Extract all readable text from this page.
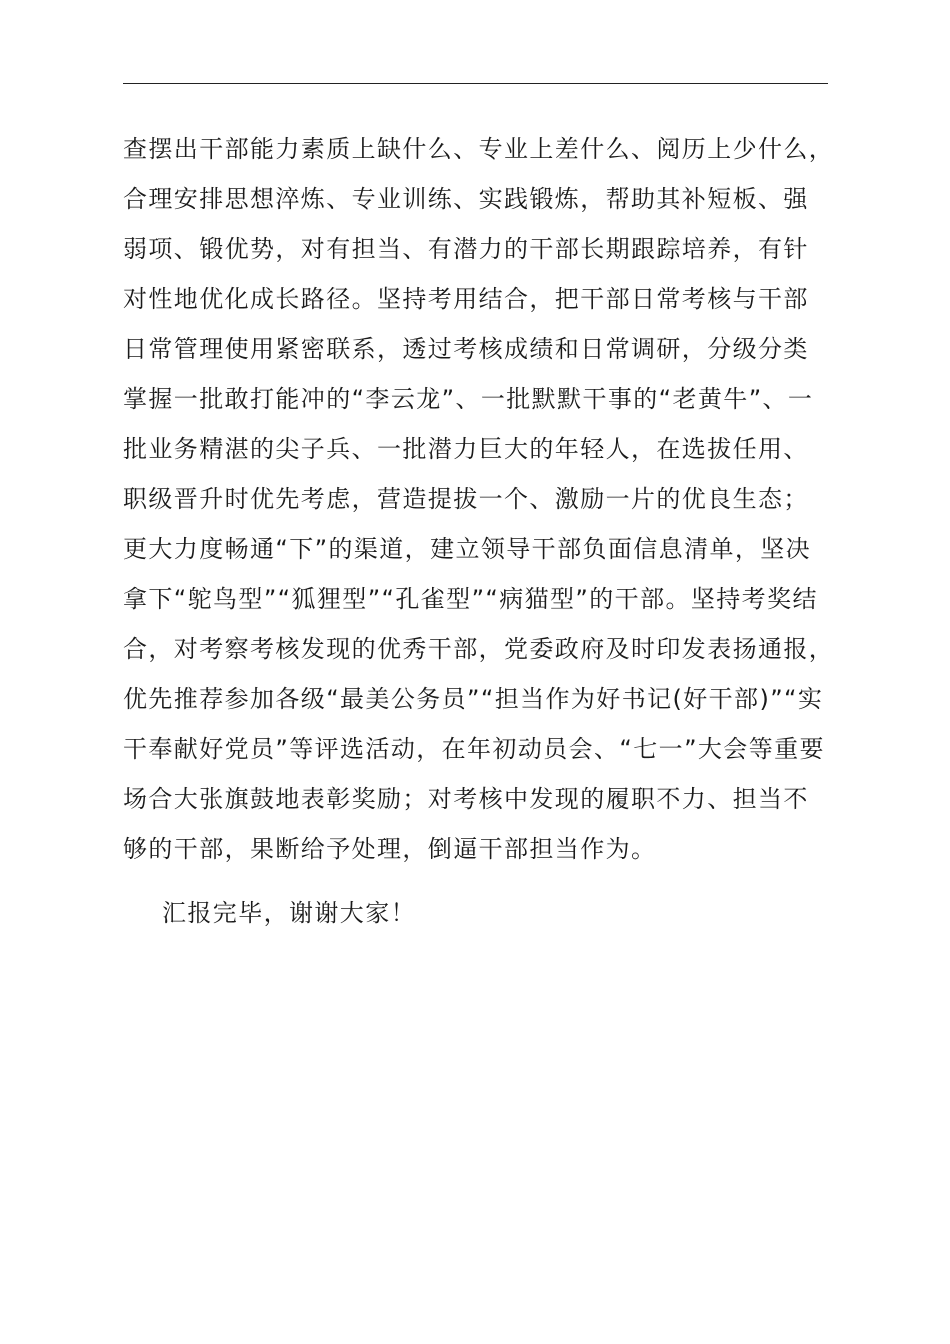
查摆出干部能力素质上缺什么、专业上差什么、阅历上少什么，
合理安排思想淬炼、专业训练、实践锻炼，帮助其补短板、强
弱项、锻优势，对有担当、有潜力的干部长期跟踪培养，有针
对性地优化成长路径。坚持考用结合，把干部日常考核与干部
日常管理使用紧密联系，透过考核成绩和日常调研，分级分类
掌握一批敢打能冲的“李云龙”、一批默默干事的“老黄牛”、一
批业务精湛的尖子兵、一批潜力巨大的年轻人，在选拔任用、
职级晋升时优先考虑，营造提拔一个、激励一片的优良生态；
更大力度畅通“下”的渠道，建立领导干部负面信息清单，坚决
拿下“鸵鸟型”“狐狸型”“孔雀型”“病猫型”的干部。坚持考奖结
合，对考察考核发现的优秀干部，党委政府及时印发表扬通报，
优先推荐参加各级“最美公务员”“担当作为好书记(好干部)”“实
干奉献好党员”等评选活动，在年初动员会、“七一”大会等重要
场合大张旗鼓地表彰奖励；对考核中发现的履职不力、担当不
够的干部，果断给予处理，倒逼干部担当作为。
汇报完毕，谢谢大家！
